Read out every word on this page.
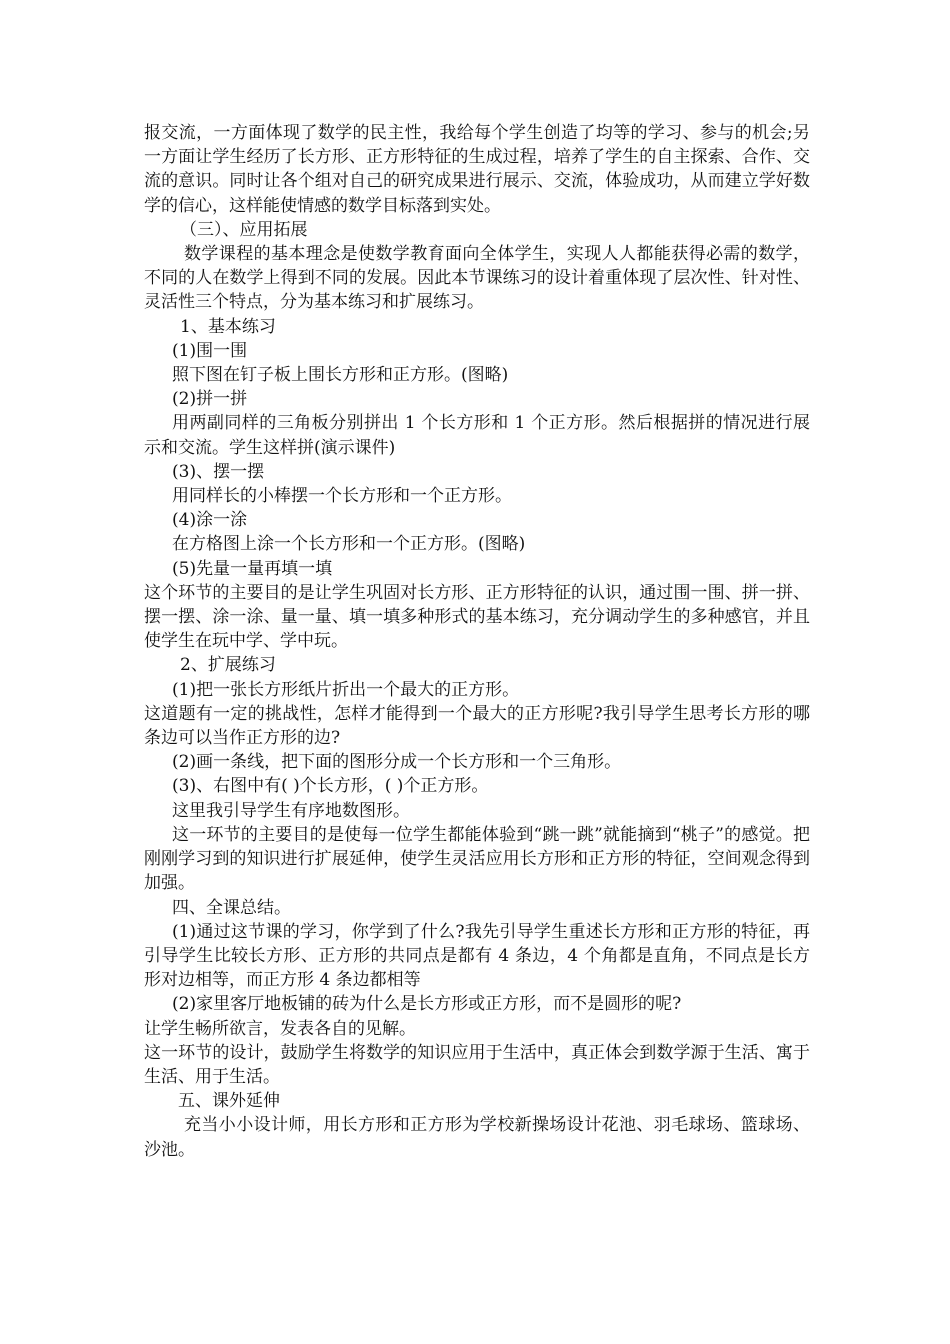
报交流，一方面体现了数学的民主性，我给每个学生创造了均等的学习、参与的机会;另一方面让学生经历了长方形、正方形特征的生成过程，培养了学生的自主探索、合作、交流的意识。同时让各个组对自己的研究成果进行展示、交流，体验成功，从而建立学好数学的信心，这样能使情感的数学目标落到实处。

（三）、应用拓展

数学课程的基本理念是使数学教育面向全体学生，实现人人都能获得必需的数学，不同的人在数学上得到不同的发展。因此本节课练习的设计着重体现了层次性、针对性、灵活性三个特点，分为基本练习和扩展练习。

1、基本练习

(1)围一围

照下图在钉子板上围长方形和正方形。(图略)

(2)拼一拼

用两副同样的三角板分别拼出 1 个长方形和 1 个正方形。然后根据拼的情况进行展示和交流。学生这样拼(演示课件)

(3)、摆一摆

用同样长的小棒摆一个长方形和一个正方形。

(4)涂一涂

在方格图上涂一个长方形和一个正方形。(图略)

(5)先量一量再填一填

这个环节的主要目的是让学生巩固对长方形、正方形特征的认识，通过围一围、拼一拼、摆一摆、涂一涂、量一量、填一填多种形式的基本练习，充分调动学生的多种感官，并且使学生在玩中学、学中玩。

2、扩展练习

(1)把一张长方形纸片折出一个最大的正方形。

这道题有一定的挑战性，怎样才能得到一个最大的正方形呢?我引导学生思考长方形的哪条边可以当作正方形的边?

(2)画一条线，把下面的图形分成一个长方形和一个三角形。

(3)、右图中有( )个长方形，( )个正方形。

这里我引导学生有序地数图形。

这一环节的主要目的是使每一位学生都能体验到“跳一跳”就能摘到“桃子”的感觉。把刚刚学习到的知识进行扩展延伸，使学生灵活应用长方形和正方形的特征，空间观念得到加强。

四、全课总结。

(1)通过这节课的学习，你学到了什么?我先引导学生重述长方形和正方形的特征，再引导学生比较长方形、正方形的共同点是都有 4 条边，4 个角都是直角，不同点是长方形对边相等，而正方形 4 条边都相等

(2)家里客厅地板铺的砖为什么是长方形或正方形，而不是圆形的呢?

让学生畅所欲言，发表各自的见解。

这一环节的设计，鼓励学生将数学的知识应用于生活中，真正体会到数学源于生活、寓于生活、用于生活。

五、课外延伸

充当小小设计师，用长方形和正方形为学校新操场设计花池、羽毛球场、篮球场、沙池。
